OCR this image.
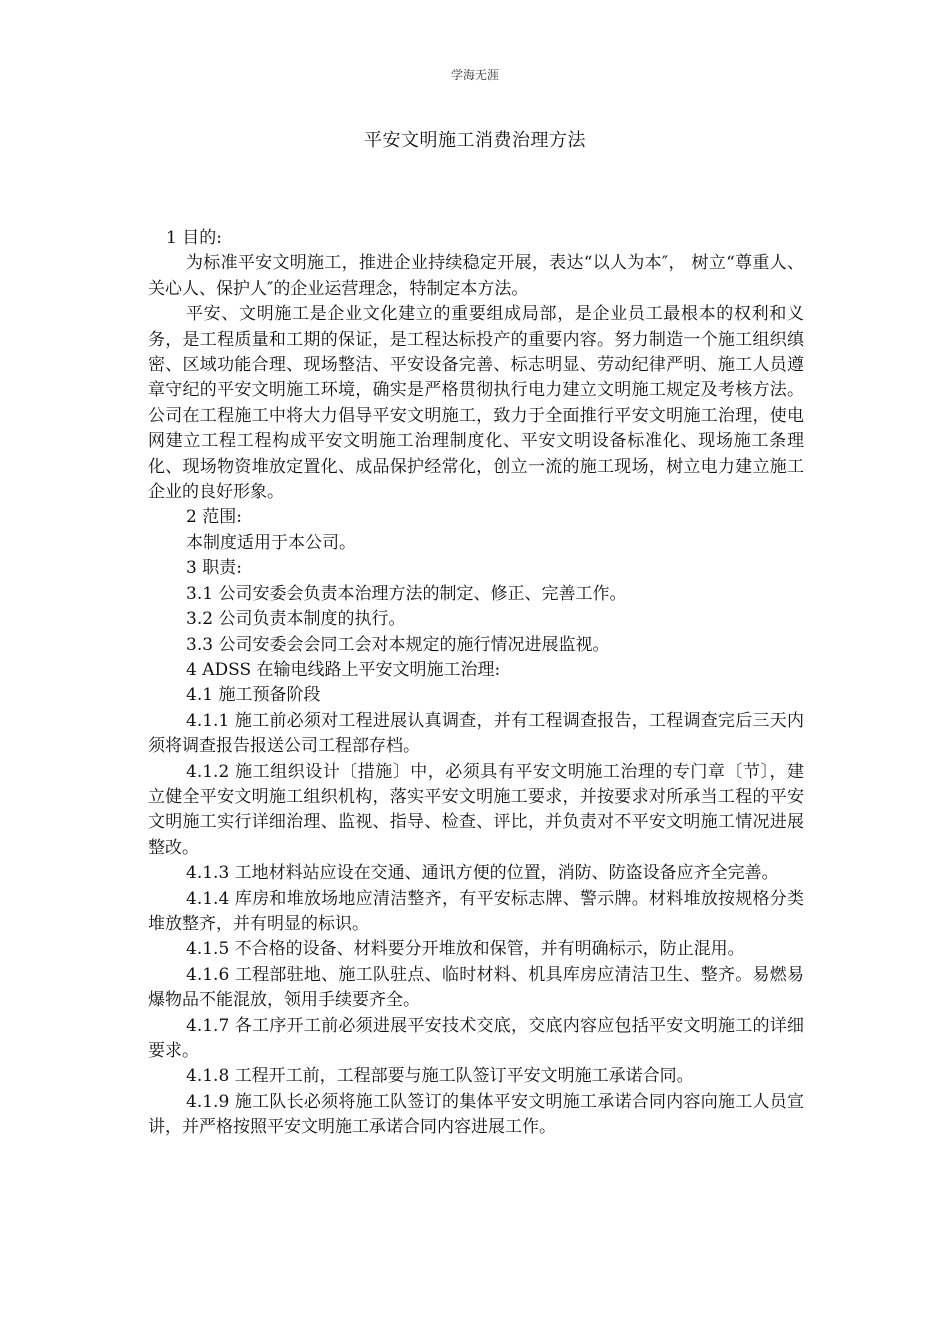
学海无涯
平安文明施工消费治理方法

1 目的:

为标准平安文明施工，推进企业持续稳定开展，表达“以人为本″， 树立“尊重人、关心人、保护人″的企业运营理念，特制定本方法。

平安、文明施工是企业文化建立的重要组成局部，是企业员工最根本的权利和义务，是工程质量和工期的保证，是工程达标投产的重要内容。努力制造一个施工组织缜密、区域功能合理、现场整洁、平安设备完善、标志明显、劳动纪律严明、施工人员遵章守纪的平安文明施工环境，确实是严格贯彻执行电力建立文明施工规定及考核方法。公司在工程施工中将大力倡导平安文明施工，致力于全面推行平安文明施工治理，使电网建立工程工程构成平安文明施工治理制度化、平安文明设备标准化、现场施工条理化、现场物资堆放定置化、成品保护经常化，创立一流的施工现场，树立电力建立施工企业的良好形象。

2 范围:

本制度适用于本公司。

3 职责:

3.1 公司安委会负责本治理方法的制定、修正、完善工作。

3.2 公司负责本制度的执行。

3.3 公司安委会会同工会对本规定的施行情况进展监视。

4 ADSS 在输电线路上平安文明施工治理:

4.1 施工预备阶段

4.1.1 施工前必须对工程进展认真调查，并有工程调查报告，工程调查完后三天内须将调查报告报送公司工程部存档。

4.1.2 施工组织设计〔措施〕中，必须具有平安文明施工治理的专门章〔节〕，建立健全平安文明施工组织机构，落实平安文明施工要求，并按要求对所承当工程的平安文明施工实行详细治理、监视、指导、检查、评比，并负责对不平安文明施工情况进展整改。

4.1.3 工地材料站应设在交通、通讯方便的位置，消防、防盗设备应齐全完善。

4.1.4 库房和堆放场地应清洁整齐，有平安标志牌、警示牌。材料堆放按规格分类堆放整齐，并有明显的标识。

4.1.5 不合格的设备、材料要分开堆放和保管，并有明确标示，防止混用。

4.1.6 工程部驻地、施工队驻点、临时材料、机具库房应清洁卫生、整齐。易燃易爆物品不能混放，领用手续要齐全。

4.1.7 各工序开工前必须进展平安技术交底，交底内容应包括平安文明施工的详细要求。

4.1.8 工程开工前，工程部要与施工队签订平安文明施工承诺合同。

4.1.9 施工队长必须将施工队签订的集体平安文明施工承诺合同内容向施工人员宣讲，并严格按照平安文明施工承诺合同内容进展工作。
